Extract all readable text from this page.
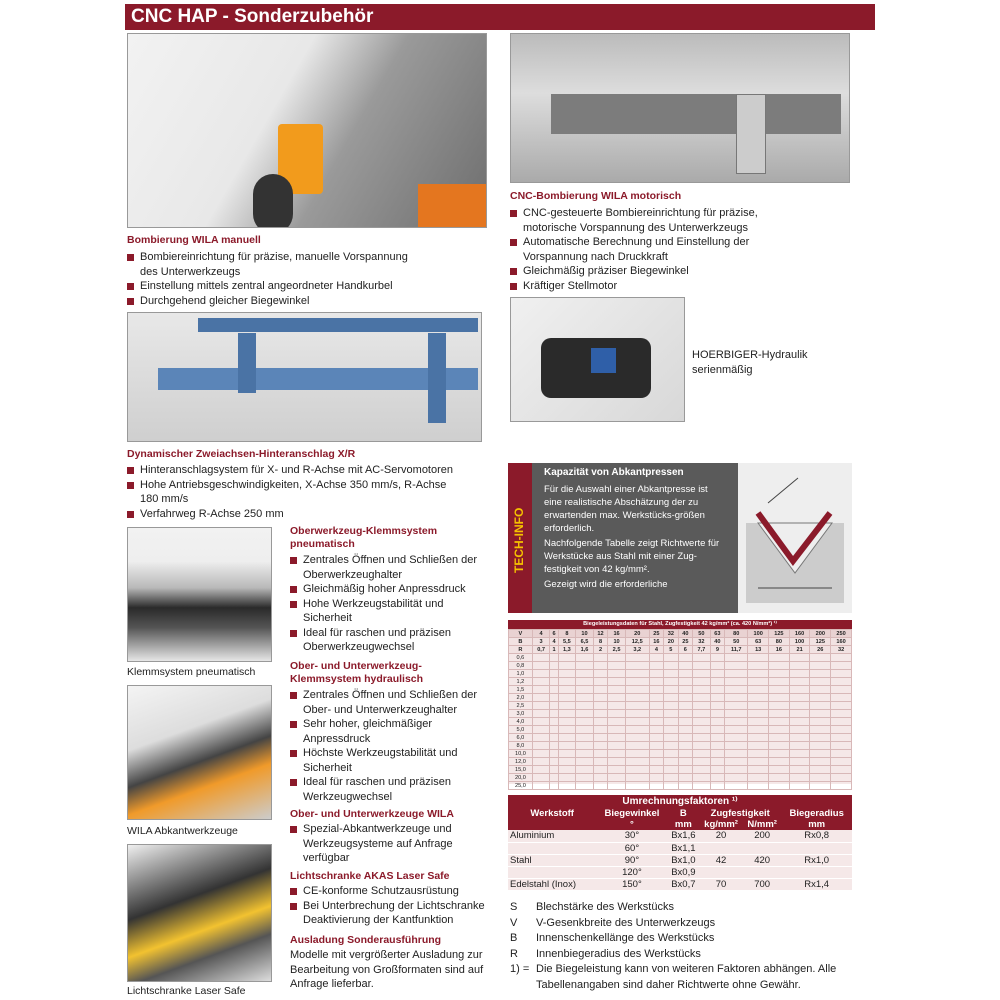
CNC HAP - Sonderzubehör
CNC-Bombierung WILA motorisch
CNC-gesteuerte Bombiereinrichtung für präzise, motorische Vorspannung des Unterwerkzeugs
Automatische Berechnung und Einstellung der Vorspannung nach Druckkraft
Gleichmäßig präziser Biegewinkel
Kräftiger Stellmotor
Bombierung WILA manuell
Bombiereinrichtung für präzise, manuelle Vorspannung des Unterwerkzeugs
Einstellung mittels zentral angeordneter Handkurbel
Durchgehend gleicher Biegewinkel
HOERBIGER-Hydraulik
serienmäßig
Dynamischer Zweiachsen-Hinteranschlag X/R
Hinteranschlagsystem für X- und R-Achse mit AC-Servomotoren
Hohe Antriebsgeschwindigkeiten, X-Achse 350 mm/s, R-Achse 180 mm/s
Verfahrweg R-Achse 250 mm
Klemmsystem pneumatisch
WILA Abkantwerkzeuge
Lichtschranke Laser Safe
Oberwerkzeug-Klemmsystem pneumatisch
Zentrales Öffnen und Schließen der Oberwerkzeughalter
Gleichmäßig hoher Anpressdruck
Hohe Werkzeugstabilität und Sicherheit
Ideal für raschen und präzisen Oberwerkzeugwechsel
Ober- und Unterwerkzeug-Klemmsystem hydraulisch
Zentrales Öffnen und Schließen der Ober- und Unterwerkzeughalter
Sehr hoher, gleichmäßiger Anpressdruck
Höchste Werkzeugstabilität und Sicherheit
Ideal für raschen und präzisen Werkzeugwechsel
Ober- und Unterwerkzeuge WILA
Spezial-Abkantwerkzeuge und Werkzeugsysteme auf Anfrage verfügbar
Lichtschranke AKAS Laser Safe
CE-konforme Schutzausrüstung
Bei Unterbrechung der Lichtschranke Deaktivierung der Kantfunktion
Ausladung Sonderausführung
Modelle mit vergrößerter Ausladung zur Bearbeitung von Großformaten sind auf Anfrage lieferbar.
TECH-INFO
Kapazität von Abkantpressen
Für die Auswahl einer Abkantpresse ist eine realistische Abschätzung der zu erwartenden max. Werkstücks-größen erforderlich.
Nachfolgende Tabelle zeigt Richtwerte für Werkstücke aus Stahl mit einer Zug-festigkeit von 42 kg/mm².
Gezeigt wird die erforderliche
Biegeleistungsdaten für Stahl, Zugfestigkeit 42 kg/mm² (ca. 420 N/mm²) ¹⁾
V	4	6	8	10	12	16	20	25	32	40	50	63	80	100	125	160	200	250
B	3	4	5,5	6,5	8	10	12,5	16	20	25	32	40	50	63	80	100	125	160
R	0,7	1	1,3	1,6	2	2,5	3,2	4	5	6	7,7	9	11,7	13	16	21	26	32
0,6																		
0,8																		
1,0																		
1,2																		
1,5																		
2,0																		
2,5																		
3,0																		
4,0																		
5,0																		
6,0																		
8,0																		
10,0																		
12,0																		
15,0																		
20,0																		
25,0																		
Umrechnungsfaktoren ¹⁾
Werkstoff	Biegewinkel	B	Zugfestigkeit		Biegeradius
	°	mm	kg/mm²	N/mm²	mm
Aluminium	30°	Bx1,6	20	200	Rx0,8
	60°	Bx1,1			
Stahl	90°	Bx1,0	42	420	Rx1,0
	120°	Bx0,9			
Edelstahl (Inox)	150°	Bx0,7	70	700	Rx1,4
S	Blechstärke des Werkstücks
V	V-Gesenkbreite des Unterwerkzeugs
B	Innenschenkellänge des Werkstücks
R	Innenbiegeradius des Werkstücks
1) = Die Biegeleistung kann von weiteren Faktoren abhängen. Alle Tabellenangaben sind daher Richtwerte ohne Gewähr.
